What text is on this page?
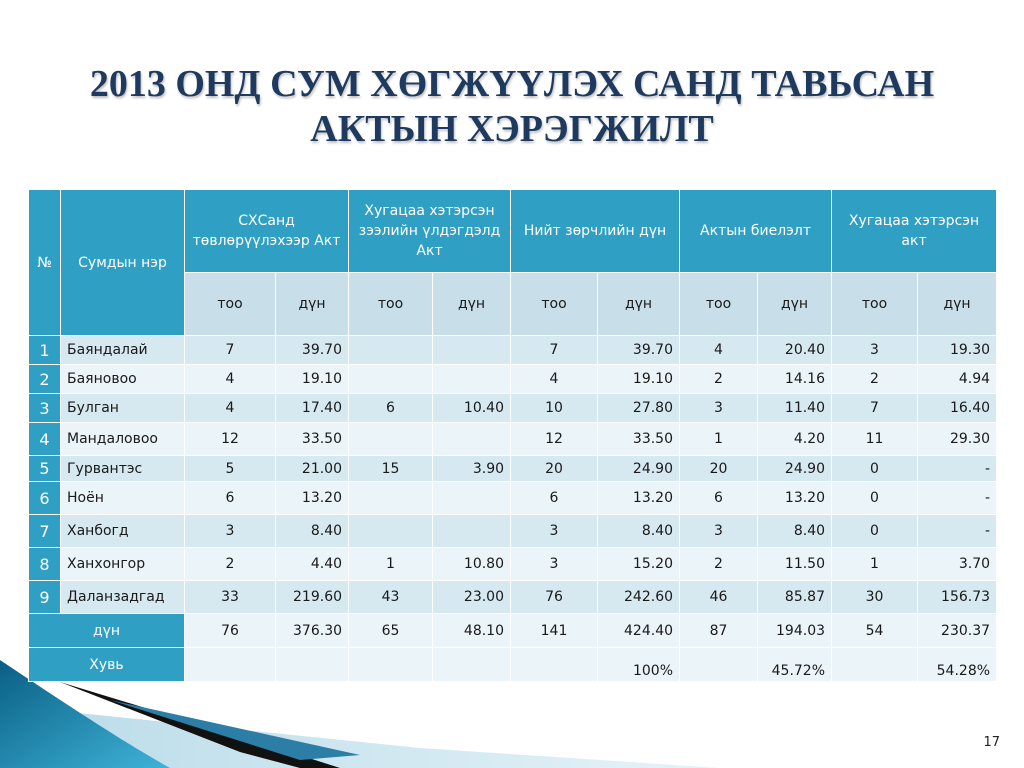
2013 ОНД СУМ ХӨГЖҮҮЛЭХ САНД ТАВЬСАН
АКТЫН ХЭРЭГЖИЛТ
№	Сумдын нэр	СХСанд төвлөрүүлэхээр Акт		Хугацаа хэтэрсэн зээлийн үлдэгдэлд Акт		Нийт зөрчлийн дүн		Актын биелэлт		Хугацаа хэтэрсэн акт	
		тоо	дүн	тоо	дүн	тоо	дүн	тоо	дүн	тоо	дүн
1	Баяндалай	7	39.70			7	39.70	4	20.40	3	19.30
2	Баяновоо	4	19.10			4	19.10	2	14.16	2	4.94
3	Булган	4	17.40	6	10.40	10	27.80	3	11.40	7	16.40
4	Мандаловоо	12	33.50			12	33.50	1	4.20	11	29.30
5	Гурвантэс	5	21.00	15	3.90	20	24.90	20	24.90	0	-
6	Ноён	6	13.20			6	13.20	6	13.20	0	-
7	Ханбогд	3	8.40			3	8.40	3	8.40	0	-
8	Ханхонгор	2	4.40	1	10.80	3	15.20	2	11.50	1	3.70
9	Даланзадгад	33	219.60	43	23.00	76	242.60	46	85.87	30	156.73
дүн		76	376.30	65	48.10	141	424.40	87	194.03	54	230.37
Хувь							100%		45.72%		54.28%
17
